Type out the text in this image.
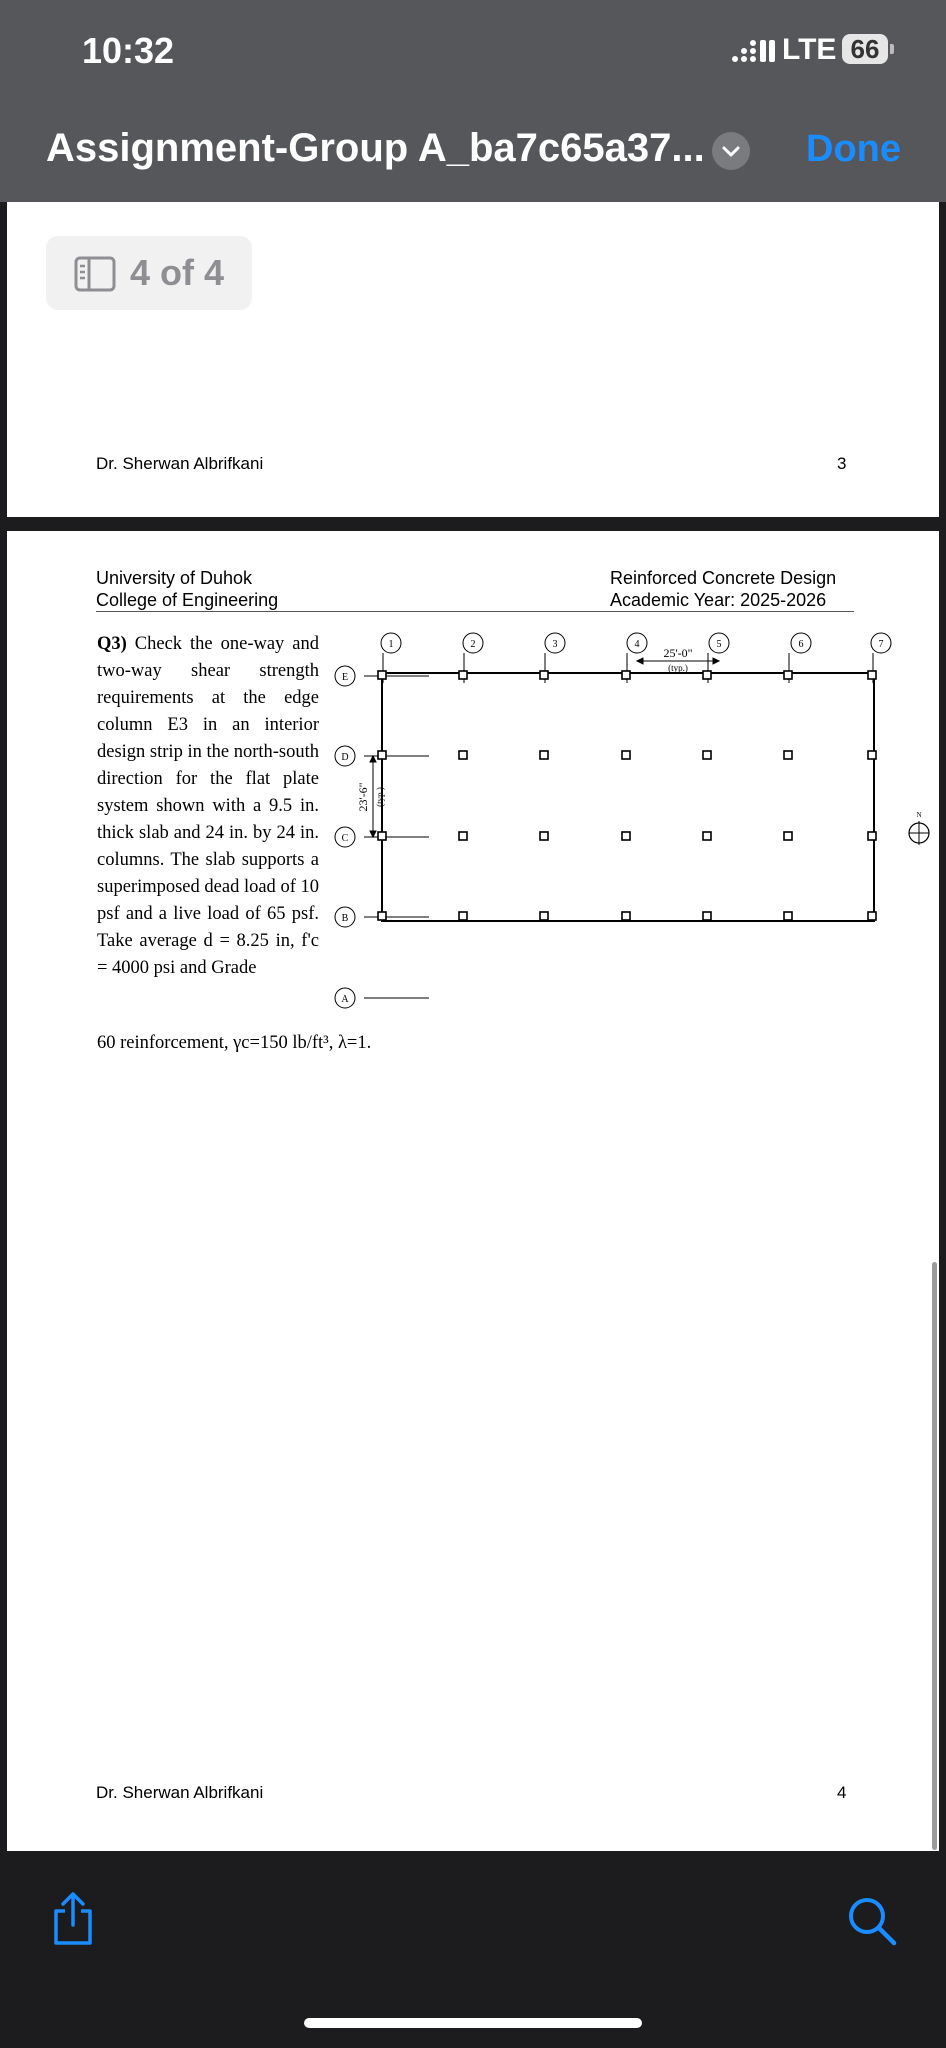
10:32	LTE 66
Assignment-Group A_ba7c65a37...	Done
Dr. Sherwan Albrifkani	3
4 of 4
University of Duhok
College of Engineering
Reinforced Concrete Design
Academic Year: 2025-2026
Q3) Check the one-way and two-way shear strength requirements at the edge column E3 in an interior design strip in the north-south direction for the flat plate system shown with a 9.5 in. thick slab and 24 in. by 24 in. columns. The slab supports a superimposed dead load of 10 psf and a live load of 65 psf. Take average d = 8.25 in, f'c = 4000 psi and Grade
60 reinforcement, γc=150 lb/ft³, λ=1.
1	2	3	4	5	6	7
E
D
C
B
A
25'-0"
(typ.)
23'-6" (typ.)
N
Dr. Sherwan Albrifkani	4
